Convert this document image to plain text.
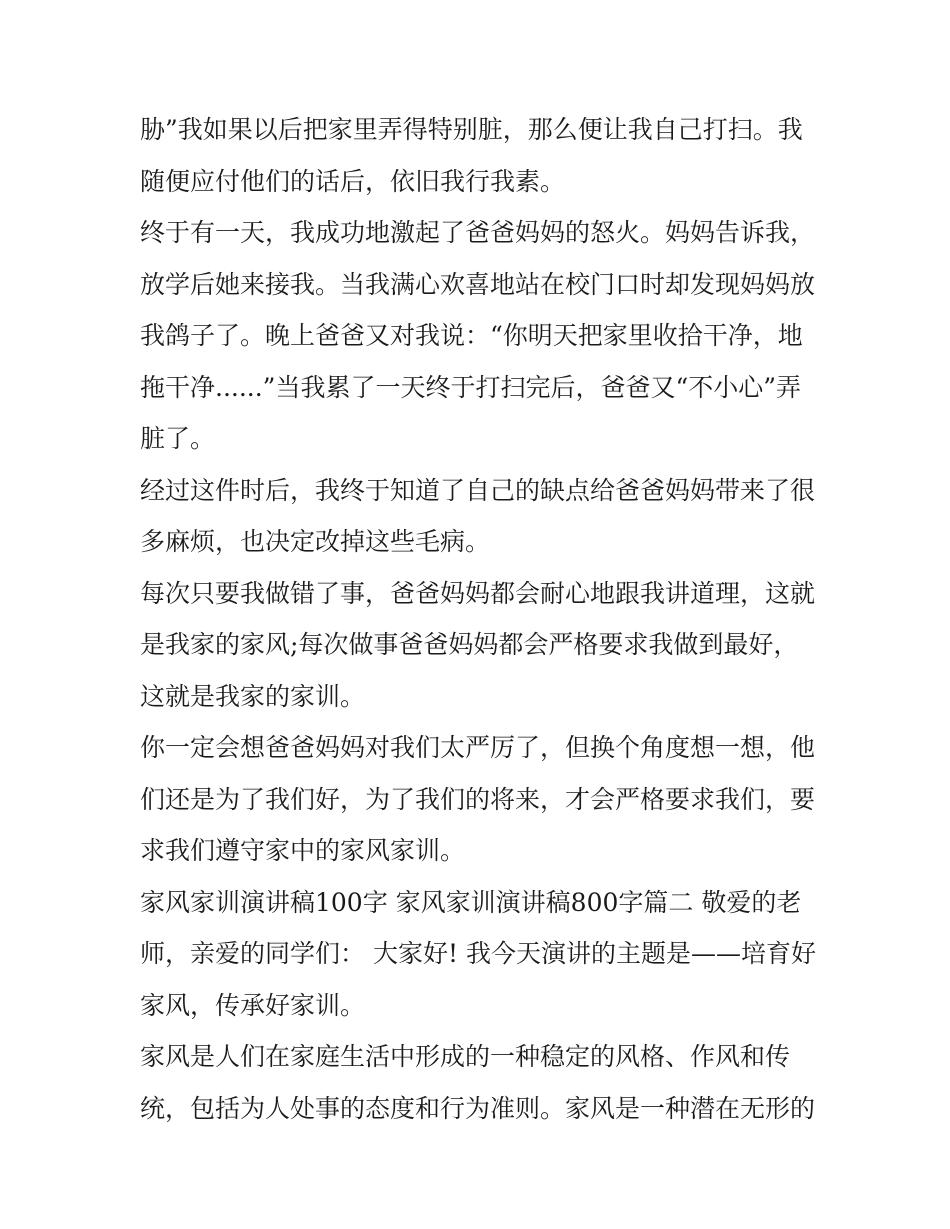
胁”我如果以后把家里弄得特别脏，那么便让我自己打扫。我
随便应付他们的话后，依旧我行我素。
终于有一天，我成功地激起了爸爸妈妈的怒火。妈妈告诉我，
放学后她来接我。当我满心欢喜地站在校门口时却发现妈妈放
我鸽子了。晚上爸爸又对我说：“你明天把家里收拾干净，地
拖干净......”当我累了一天终于打扫完后，爸爸又“不小心”弄
脏了。
经过这件时后，我终于知道了自己的缺点给爸爸妈妈带来了很
多麻烦，也决定改掉这些毛病。
每次只要我做错了事，爸爸妈妈都会耐心地跟我讲道理，这就
是我家的家风;每次做事爸爸妈妈都会严格要求我做到最好，
这就是我家的家训。
你一定会想爸爸妈妈对我们太严厉了，但换个角度想一想，他
们还是为了我们好，为了我们的将来，才会严格要求我们，要
求我们遵守家中的家风家训。
家风家训演讲稿100字 家风家训演讲稿800字篇二 敬爱的老
师，亲爱的同学们： 大家好! 我今天演讲的主题是——培育好
家风，传承好家训。
家风是人们在家庭生活中形成的一种稳定的风格、作风和传
统，包括为人处事的态度和行为准则。家风是一种潜在无形的
